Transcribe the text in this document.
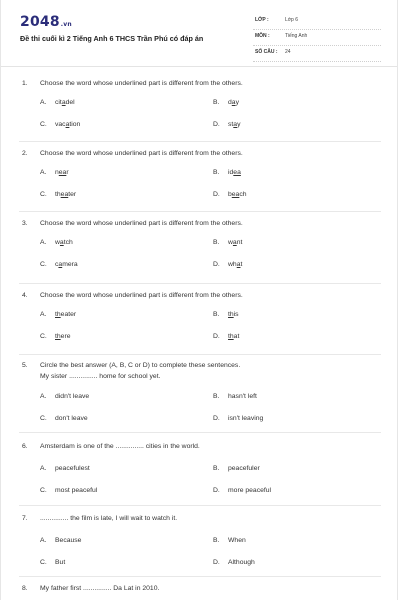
2048.vn
Đề thi cuối kì 2 Tiếng Anh 6 THCS Trần Phú có đáp án
LỚP :	Lớp 6
MÔN :	Tiếng Anh
SỐ CÂU : 24
1. Choose the word whose underlined part is different from the others.
A. citadel	B. day
C. vacation	D. stay
2. Choose the word whose underlined part is different from the others.
A. near	B. idea
C. theater	D. beach
3. Choose the word whose underlined part is different from the others.
A. watch	B. want
C. camera	D. what
4. Choose the word whose underlined part is different from the others.
A. theater	B. this
C. there	D. that
5. Circle the best answer (A, B, C or D) to complete these sentences.
My sister ............... home for school yet.
A. didn't leave	B. hasn't left
C. don't leave	D. isn't leaving
6. Amsterdam is one of the ............... cities in the world.
A. peacefulest	B. peacefuler
C. most peaceful	D. more peaceful
7. ............... the film is late, I will wait to watch it.
A. Because	B. When
C. But	D. Although
8. My father first ............... Da Lat in 2010.
